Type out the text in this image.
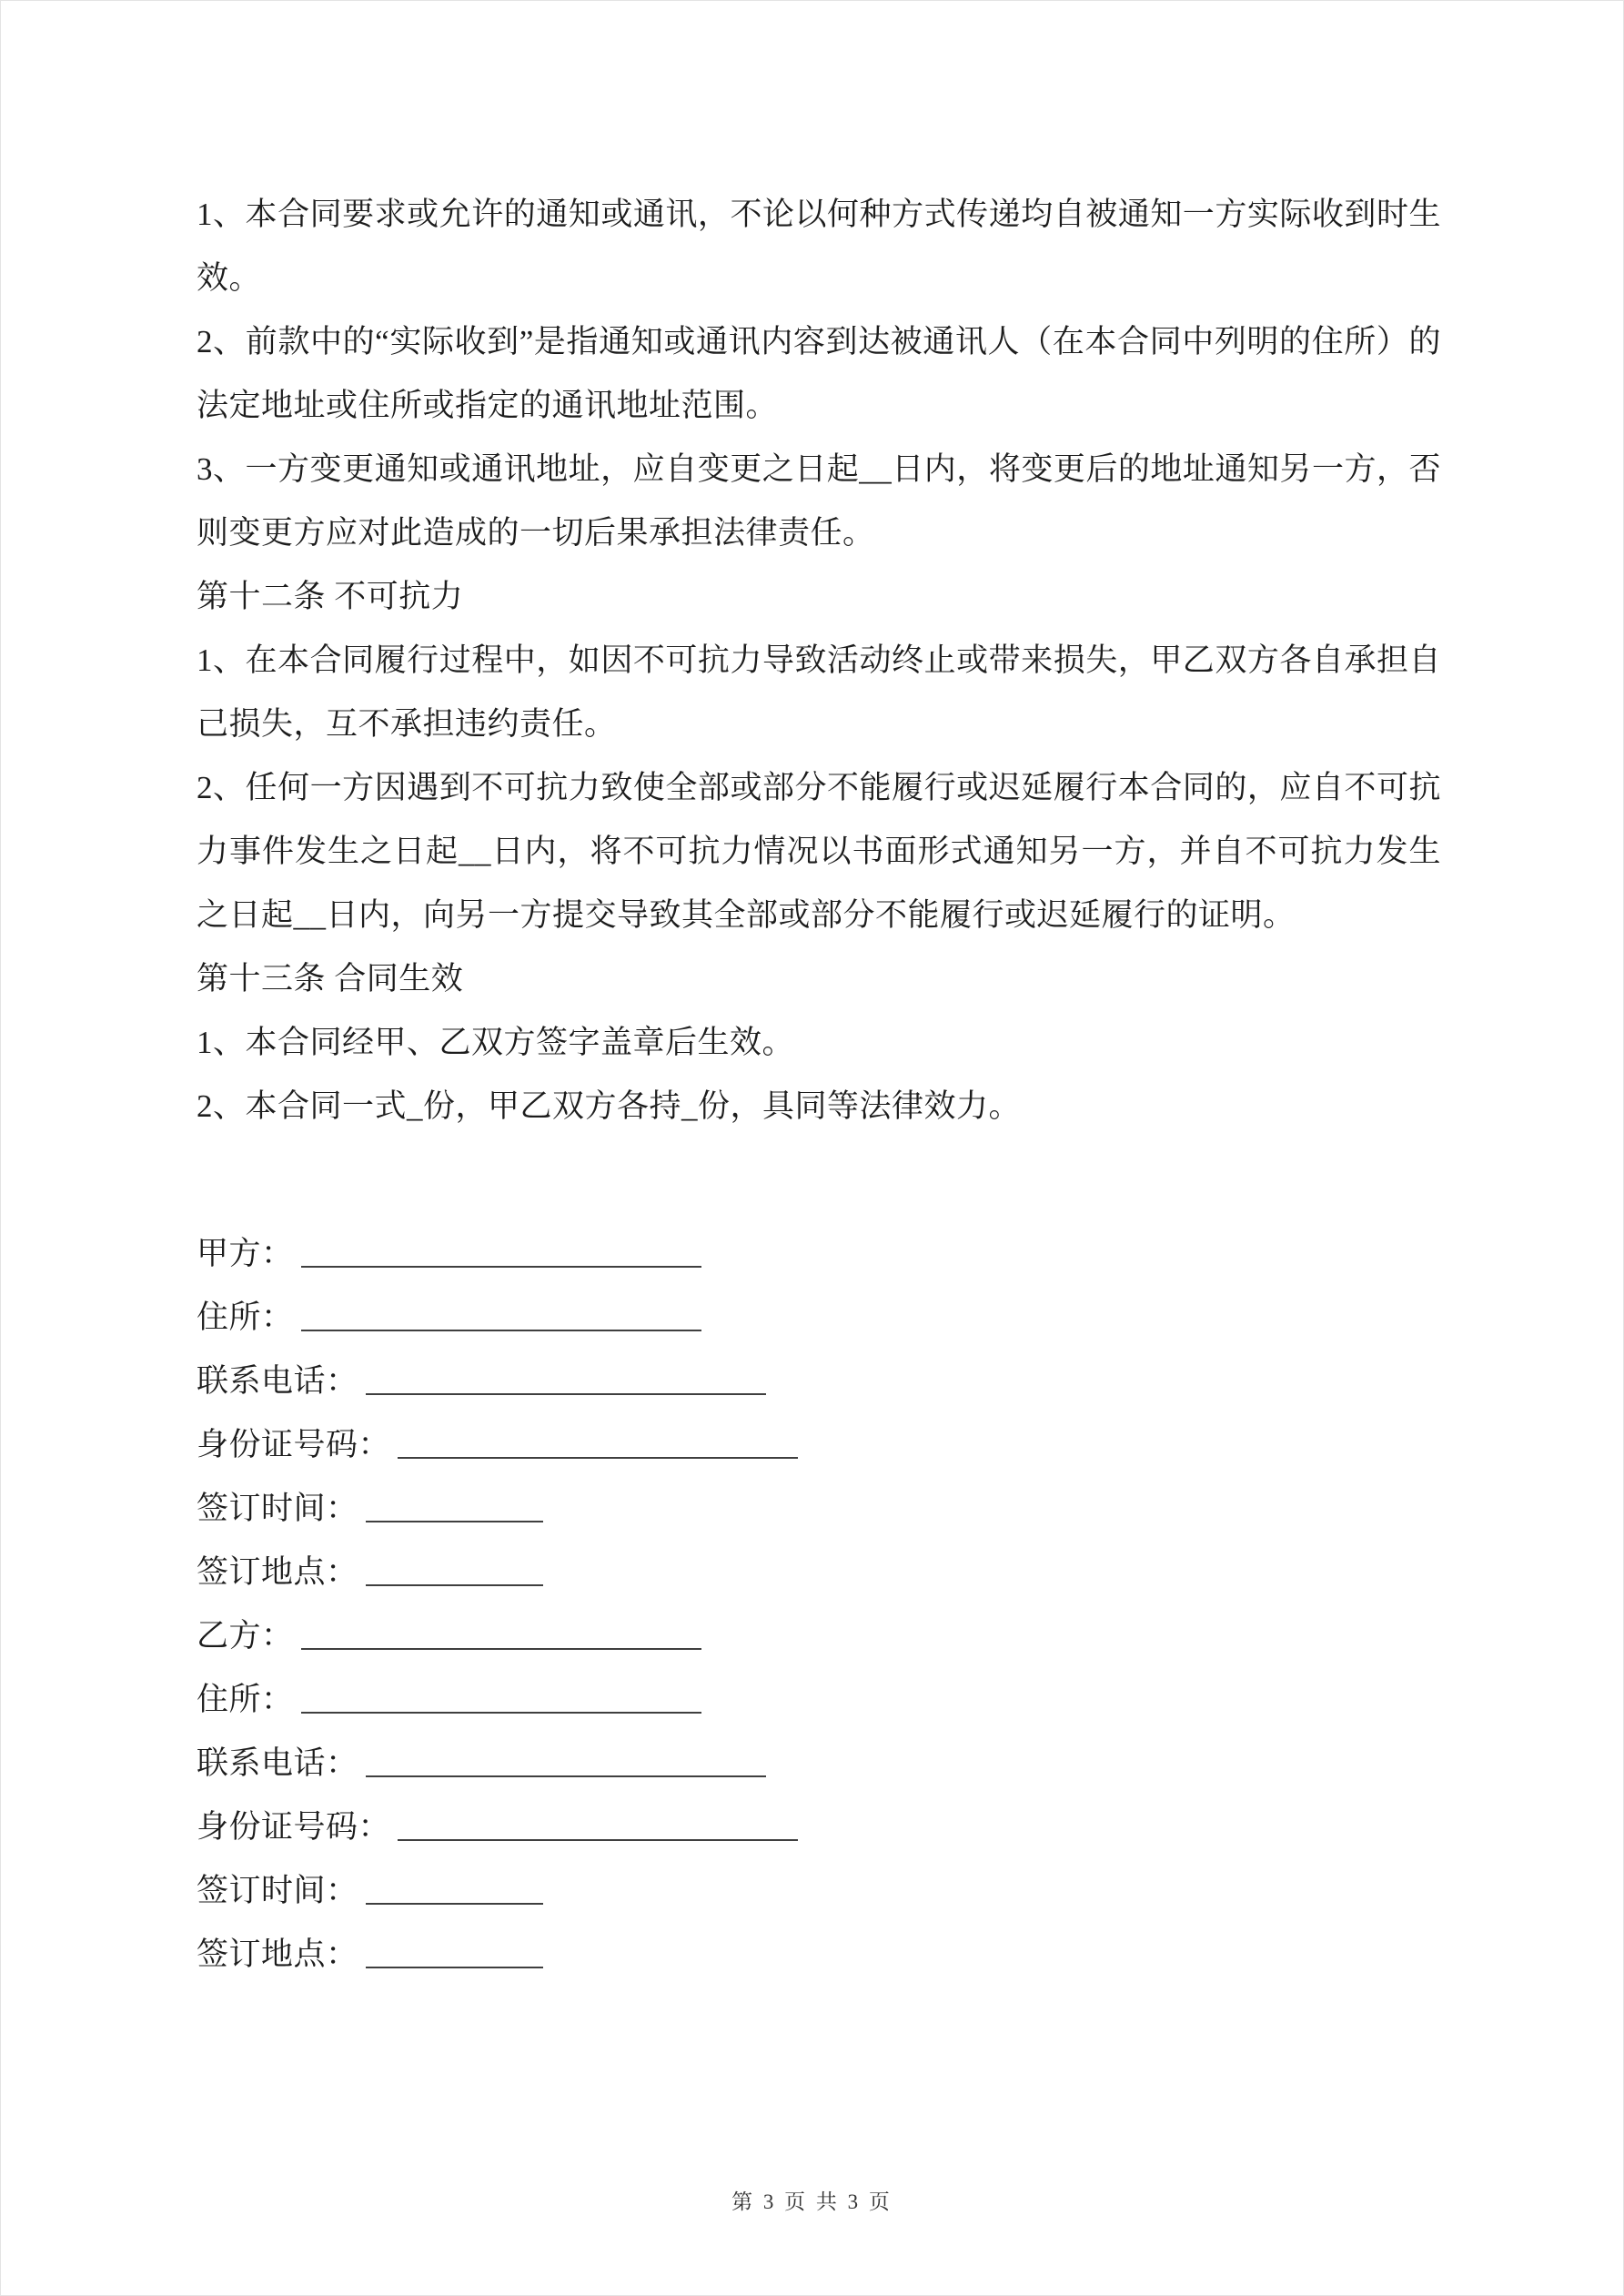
1、本合同要求或允许的通知或通讯，不论以何种方式传递均自被通知一方实际收到时生效。
2、前款中的“实际收到”是指通知或通讯内容到达被通讯人（在本合同中列明的住所）的法定地址或住所或指定的通讯地址范围。
3、一方变更通知或通讯地址，应自变更之日起__日内，将变更后的地址通知另一方，否则变更方应对此造成的一切后果承担法律责任。
第十二条 不可抗力
1、在本合同履行过程中，如因不可抗力导致活动终止或带来损失，甲乙双方各自承担自己损失，互不承担违约责任。
2、任何一方因遇到不可抗力致使全部或部分不能履行或迟延履行本合同的，应自不可抗力事件发生之日起__日内，将不可抗力情况以书面形式通知另一方，并自不可抗力发生之日起__日内，向另一方提交导致其全部或部分不能履行或迟延履行的证明。
第十三条 合同生效
1、本合同经甲、乙双方签字盖章后生效。
2、本合同一式_份，甲乙双方各持_份，具同等法律效力。
甲方：
住所：
联系电话：
身份证号码：
签订时间：
签订地点：
乙方：
住所：
联系电话：
身份证号码：
签订时间：
签订地点：
第 3 页 共 3 页
